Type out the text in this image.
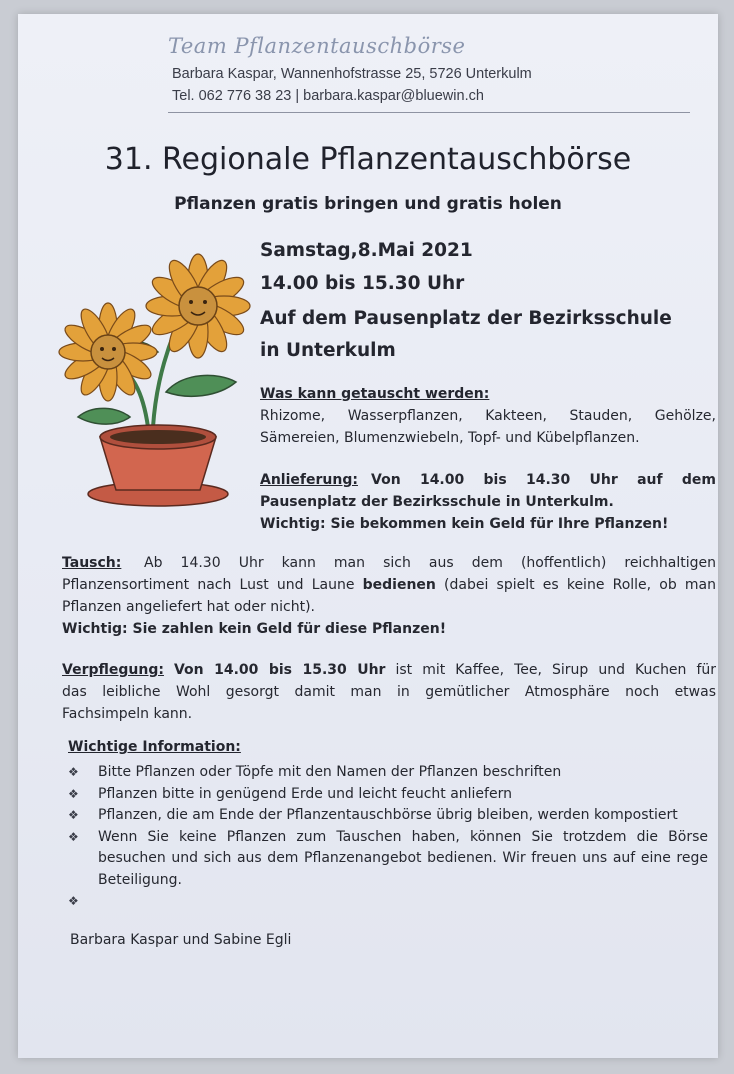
Team Pflanzentauschbörse
Barbara Kaspar, Wannenhofstrasse 25, 5726 Unterkulm
Tel. 062 776 38 23 | barbara.kaspar@bluewin.ch
31. Regionale Pflanzentauschbörse
Pflanzen gratis bringen und gratis holen
Samstag,8.Mai 2021
14.00 bis 15.30 Uhr
Auf dem Pausenplatz der Bezirksschule
in Unterkulm
Was kann getauscht werden:
Rhizome, Wasserpflanzen, Kakteen, Stauden, Gehölze,
Sämereien, Blumenzwiebeln, Topf- und Kübelpflanzen.
Anlieferung: Von 14.00 bis 14.30 Uhr auf dem
Pausenplatz der Bezirksschule in Unterkulm.
Wichtig: Sie bekommen kein Geld für Ihre Pflanzen!
Tausch: Ab 14.30 Uhr kann man sich aus dem (hoffentlich) reichhaltigen
Pflanzensortiment nach Lust und Laune bedienen (dabei spielt es keine Rolle, ob man
Pflanzen angeliefert hat oder nicht).
Wichtig: Sie zahlen kein Geld für diese Pflanzen!
Verpflegung: Von 14.00 bis 15.30 Uhr ist mit Kaffee, Tee, Sirup und Kuchen für
das leibliche Wohl gesorgt damit man in gemütlicher Atmosphäre noch etwas
Fachsimpeln kann.
Wichtige Information:
❖	Bitte Pflanzen oder Töpfe mit den Namen der Pflanzen beschriften
❖	Pflanzen bitte in genügend Erde und leicht feucht anliefern
❖	Pflanzen, die am Ende der Pflanzentauschbörse übrig bleiben, werden kompostiert
❖	Wenn Sie keine Pflanzen zum Tauschen haben, können Sie trotzdem die Börse besuchen und sich aus dem Pflanzenangebot bedienen. Wir freuen uns auf eine rege Beteiligung.
❖
Barbara Kaspar und Sabine Egli
